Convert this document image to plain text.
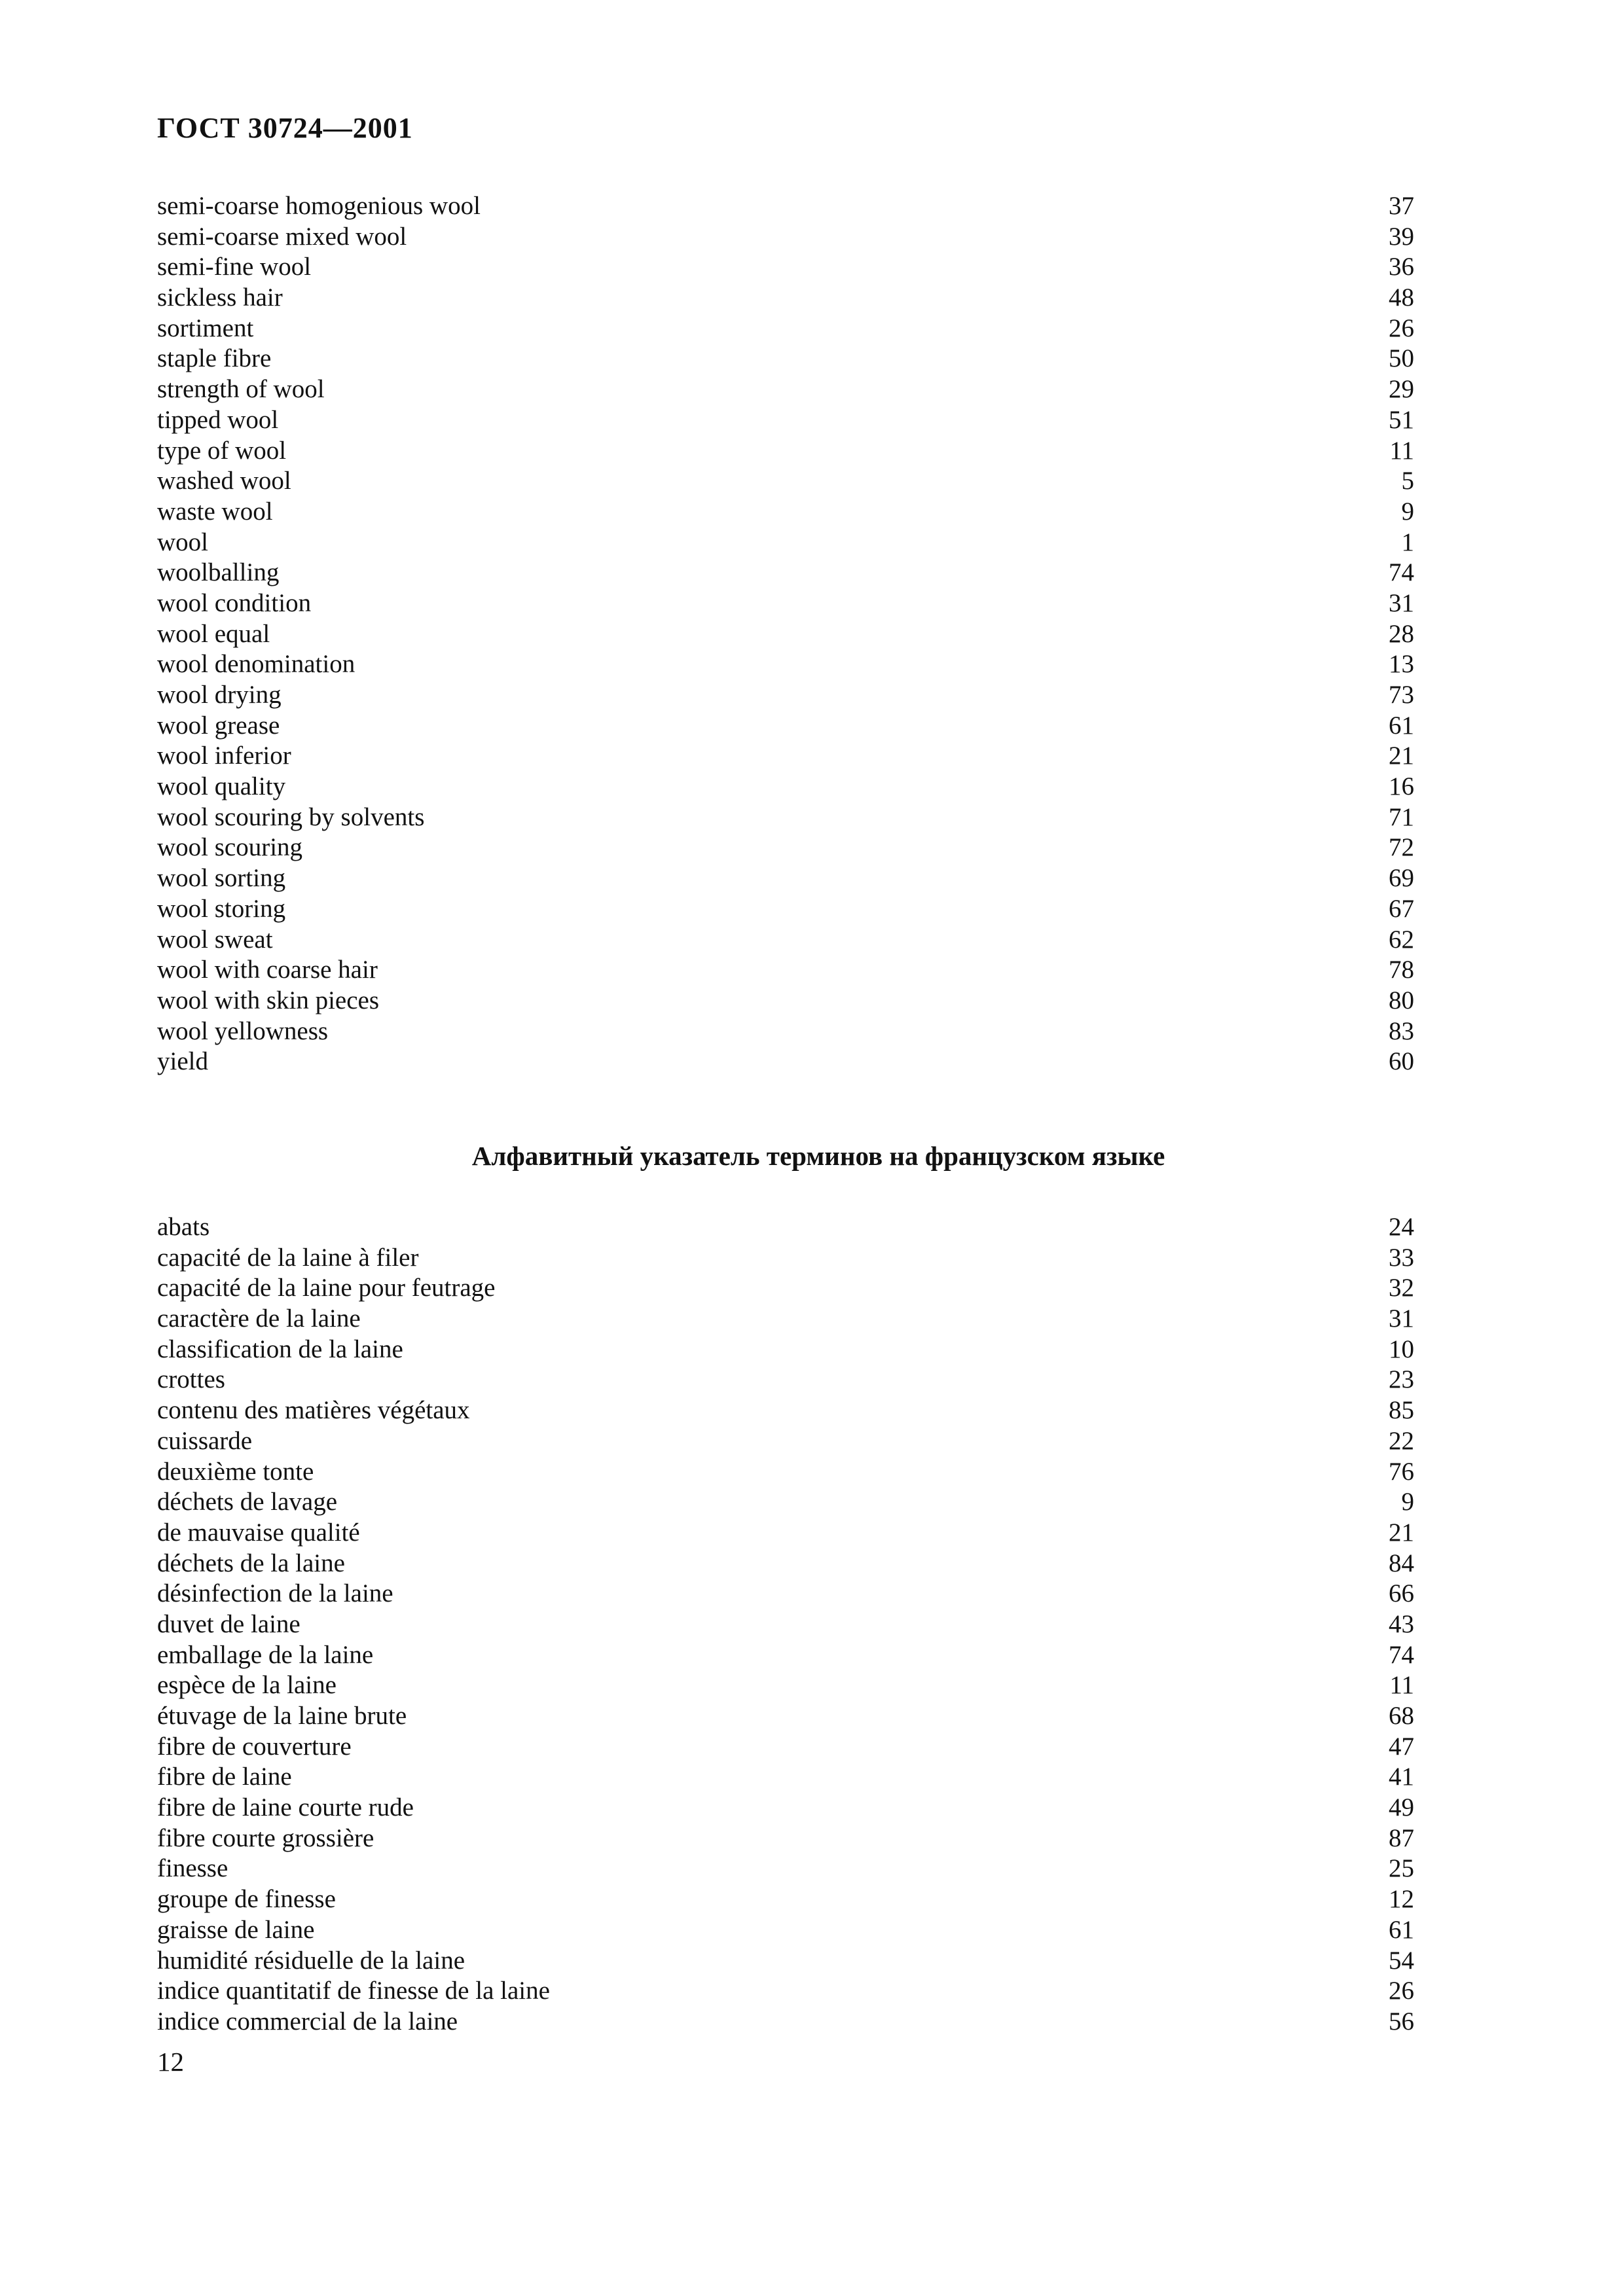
ГОСТ 30724—2001
semi-coarse homogenious wool	37
semi-coarse mixed wool	39
semi-fine wool	36
sickless hair	48
sortiment	26
staple fibre	50
strength of wool	29
tipped wool	51
type of wool	11
washed wool	5
waste wool	9
wool	1
woolballing	74
wool condition	31
wool equal	28
wool denomination	13
wool drying	73
wool grease	61
wool inferior	21
wool quality	16
wool scouring by solvents	71
wool scouring	72
wool sorting	69
wool storing	67
wool sweat	62
wool with coarse hair	78
wool with skin pieces	80
wool yellowness	83
yield	60
Алфавитный указатель терминов на французском языке
abats	24
capacité de la laine à filer	33
capacité de la laine pour feutrage	32
caractère de la laine	31
classification de la laine	10
crottes	23
contenu des matières végétaux	85
cuissarde	22
deuxième tonte	76
déchets de lavage	9
de mauvaise qualité	21
déchets de la laine	84
désinfection de la laine	66
duvet de laine	43
emballage de la laine	74
espèce de la laine	11
étuvage de la laine brute	68
fibre de couverture	47
fibre de laine	41
fibre de laine courte rude	49
fibre courte grossière	87
finesse	25
groupe de finesse	12
graisse de laine	61
humidité résiduelle de la laine	54
indice quantitatif de finesse de la laine	26
indice commercial de la laine	56
12
